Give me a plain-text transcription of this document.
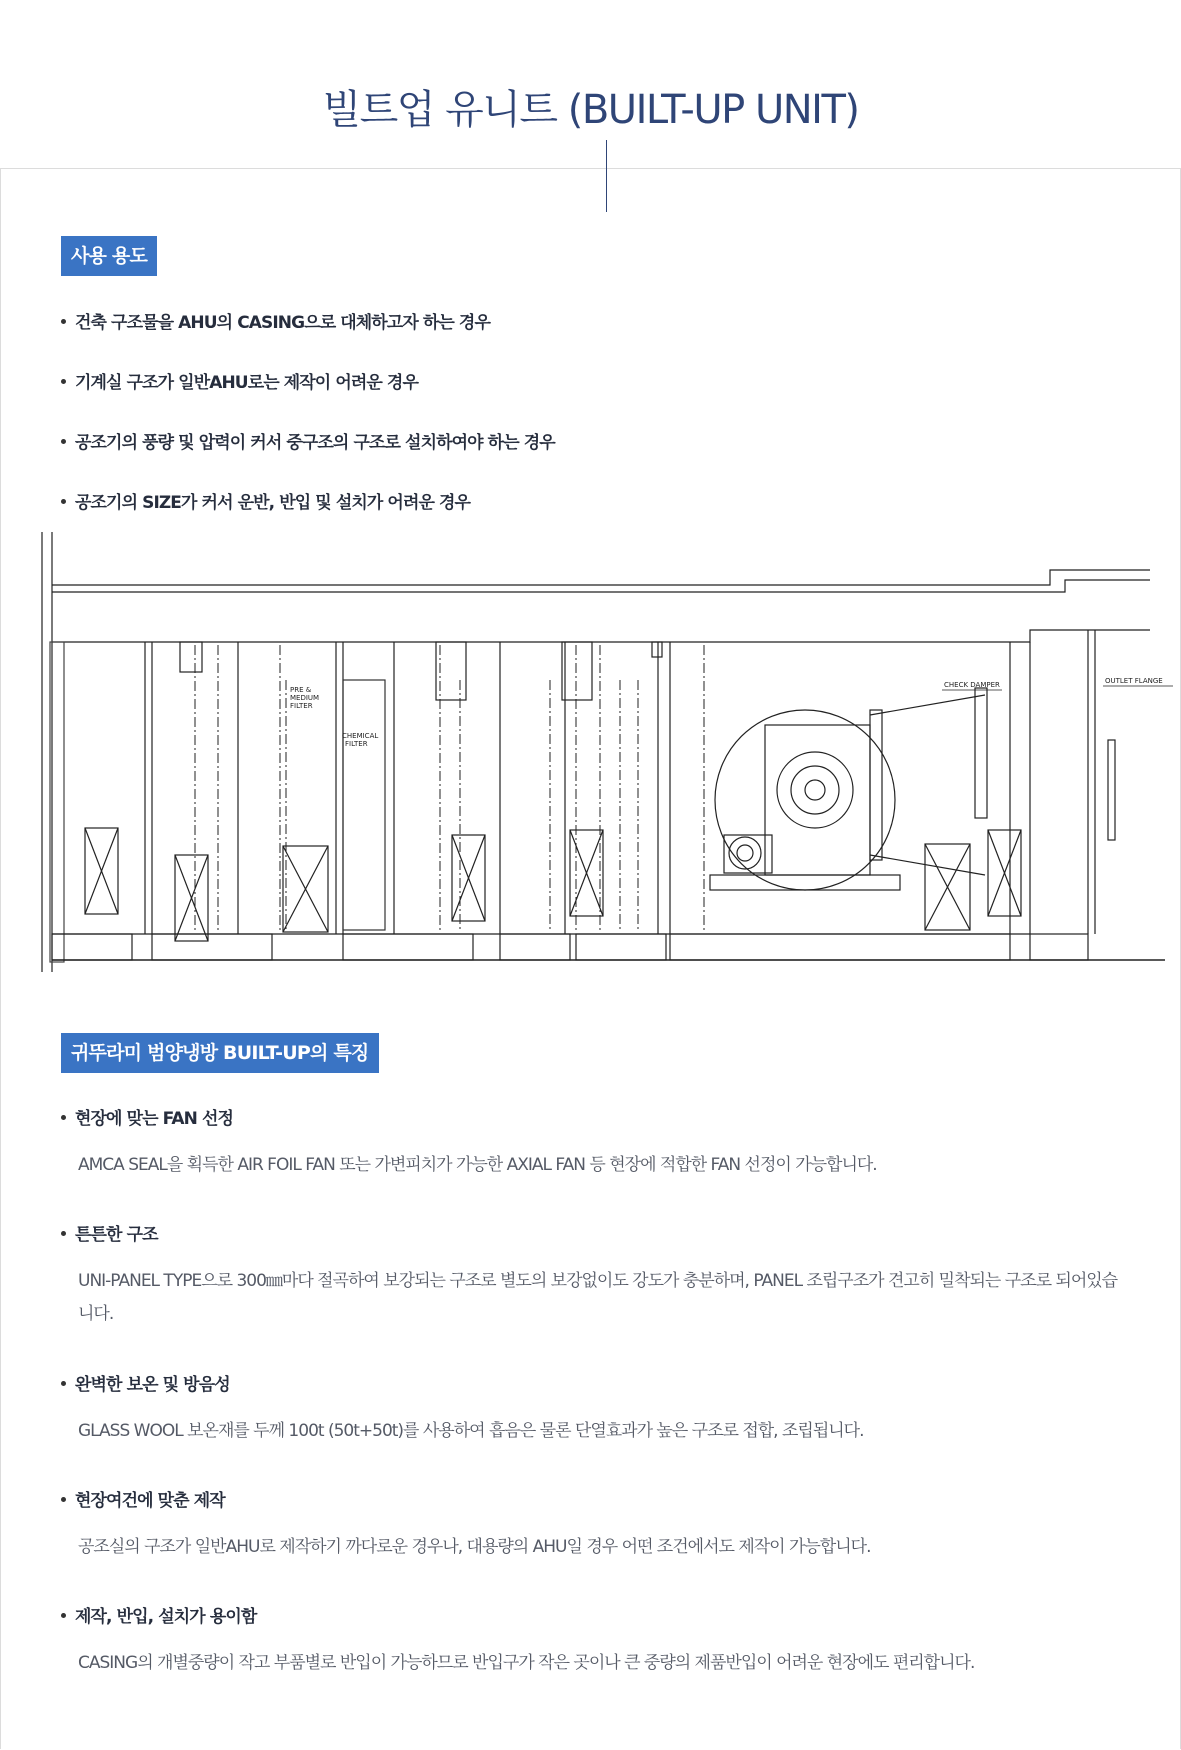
빌트업 유니트 (BUILT-UP UNIT)
사용 용도
건축 구조물을 AHU의 CASING으로 대체하고자 하는 경우
기계실 구조가 일반AHU로는 제작이 어려운 경우
공조기의 풍량 및 압력이 커서 중구조의 구조로 설치하여야 하는 경우
공조기의 SIZE가 커서 운반, 반입 및 설치가 어려운 경우
PRE &
MEDIUM
FILTER
CHEMICAL
FILTER
CHECK DAMPER	OUTLET FLANGE
귀뚜라미 범양냉방 BUILT-UP의 특징
현장에 맞는 FAN 선정
AMCA SEAL을 획득한 AIR FOIL FAN 또는 가변피치가 가능한 AXIAL FAN 등 현장에 적합한 FAN 선정이 가능합니다.
튼튼한 구조
UNI-PANEL TYPE으로 300㎜마다 절곡하여 보강되는 구조로 별도의 보강없이도 강도가 충분하며, PANEL 조립구조가 견고히 밀착되는 구조로 되어있습니다.
완벽한 보온 및 방음성
GLASS WOOL 보온재를 두께 100t (50t+50t)를 사용하여 흡음은 물론 단열효과가 높은 구조로 접합, 조립됩니다.
현장여건에 맞춘 제작
공조실의 구조가 일반AHU로 제작하기 까다로운 경우나, 대용량의 AHU일 경우 어떤 조건에서도 제작이 가능합니다.
제작, 반입, 설치가 용이함
CASING의 개별중량이 작고 부품별로 반입이 가능하므로 반입구가 작은 곳이나 큰 중량의 제품반입이 어려운 현장에도 편리합니다.
